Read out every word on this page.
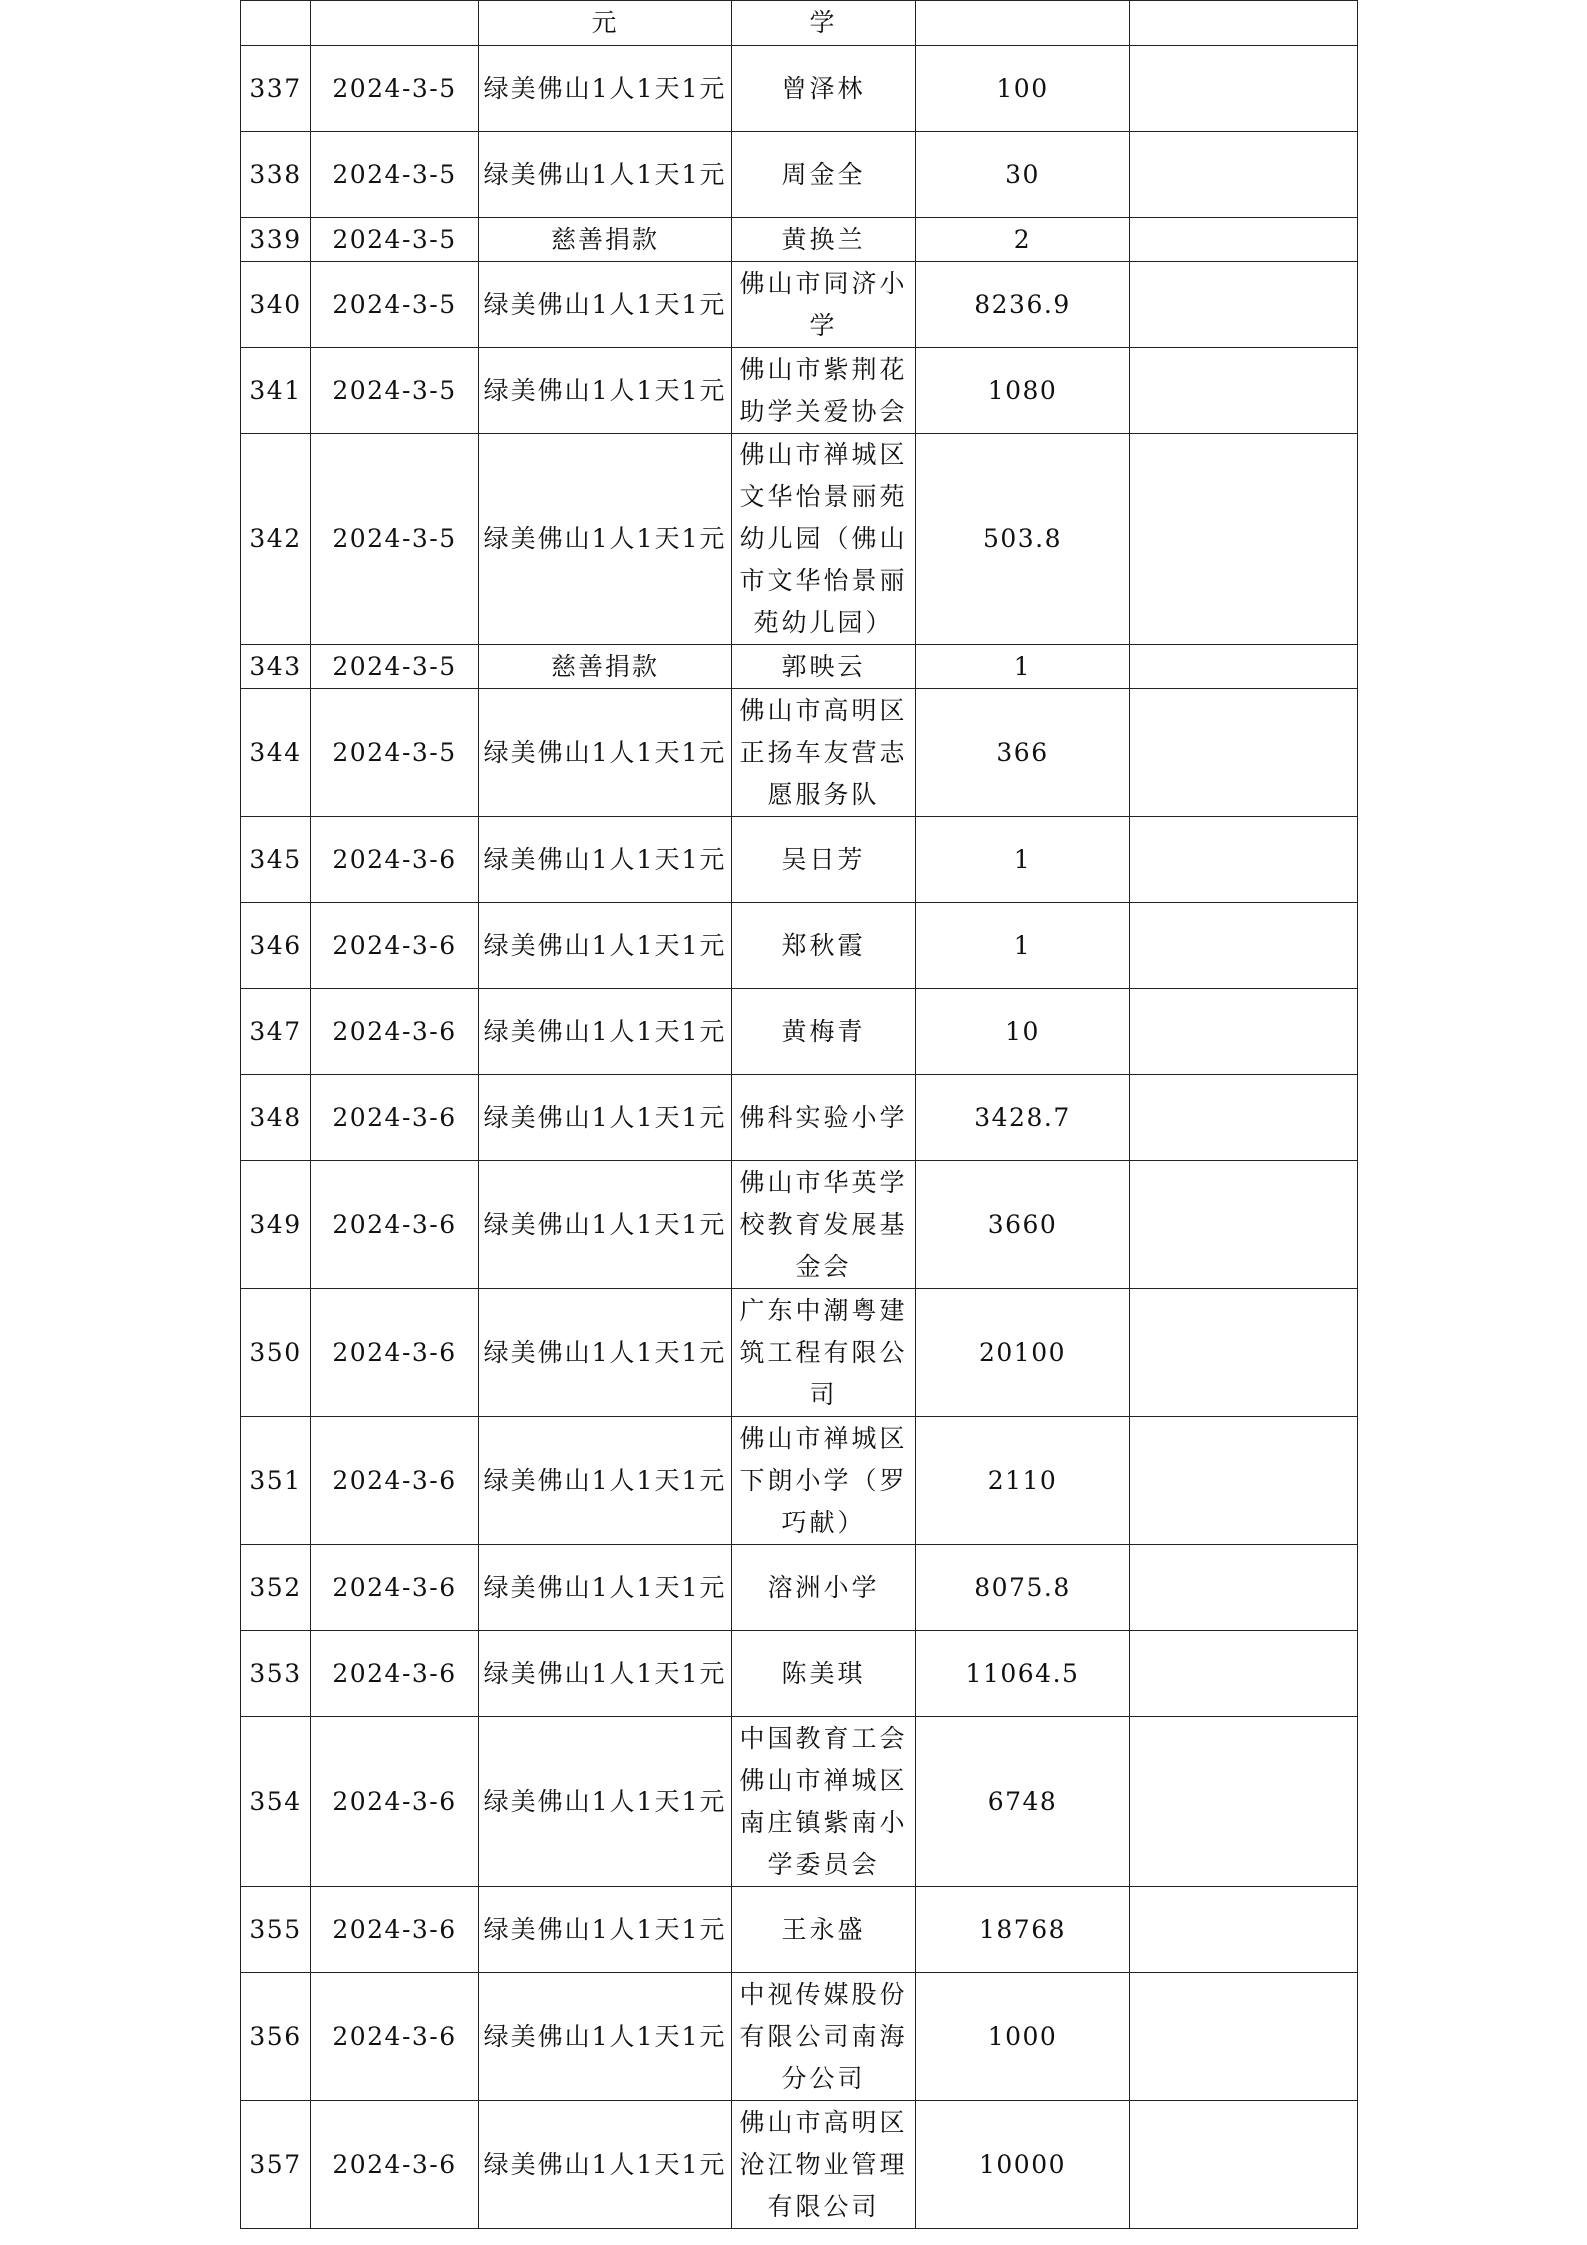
		元	学		
337	2024-3-5	绿美佛山1人1天1元	曾泽林	100	
338	2024-3-5	绿美佛山1人1天1元	周金全	30	
339	2024-3-5	慈善捐款	黄换兰	2	
340	2024-3-5	绿美佛山1人1天1元	佛山市同济小学	8236.9	
341	2024-3-5	绿美佛山1人1天1元	佛山市紫荆花助学关爱协会	1080	
342	2024-3-5	绿美佛山1人1天1元	佛山市禅城区文华怡景丽苑幼儿园（佛山市文华怡景丽苑幼儿园）	503.8	
343	2024-3-5	慈善捐款	郭映云	1	
344	2024-3-5	绿美佛山1人1天1元	佛山市高明区正扬车友营志愿服务队	366	
345	2024-3-6	绿美佛山1人1天1元	吴日芳	1	
346	2024-3-6	绿美佛山1人1天1元	郑秋霞	1	
347	2024-3-6	绿美佛山1人1天1元	黄梅青	10	
348	2024-3-6	绿美佛山1人1天1元	佛科实验小学	3428.7	
349	2024-3-6	绿美佛山1人1天1元	佛山市华英学校教育发展基金会	3660	
350	2024-3-6	绿美佛山1人1天1元	广东中潮粤建筑工程有限公司	20100	
351	2024-3-6	绿美佛山1人1天1元	佛山市禅城区下朗小学（罗巧献）	2110	
352	2024-3-6	绿美佛山1人1天1元	溶洲小学	8075.8	
353	2024-3-6	绿美佛山1人1天1元	陈美琪	11064.5	
354	2024-3-6	绿美佛山1人1天1元	中国教育工会佛山市禅城区南庄镇紫南小学委员会	6748	
355	2024-3-6	绿美佛山1人1天1元	王永盛	18768	
356	2024-3-6	绿美佛山1人1天1元	中视传媒股份有限公司南海分公司	1000	
357	2024-3-6	绿美佛山1人1天1元	佛山市高明区沧江物业管理有限公司	10000	
